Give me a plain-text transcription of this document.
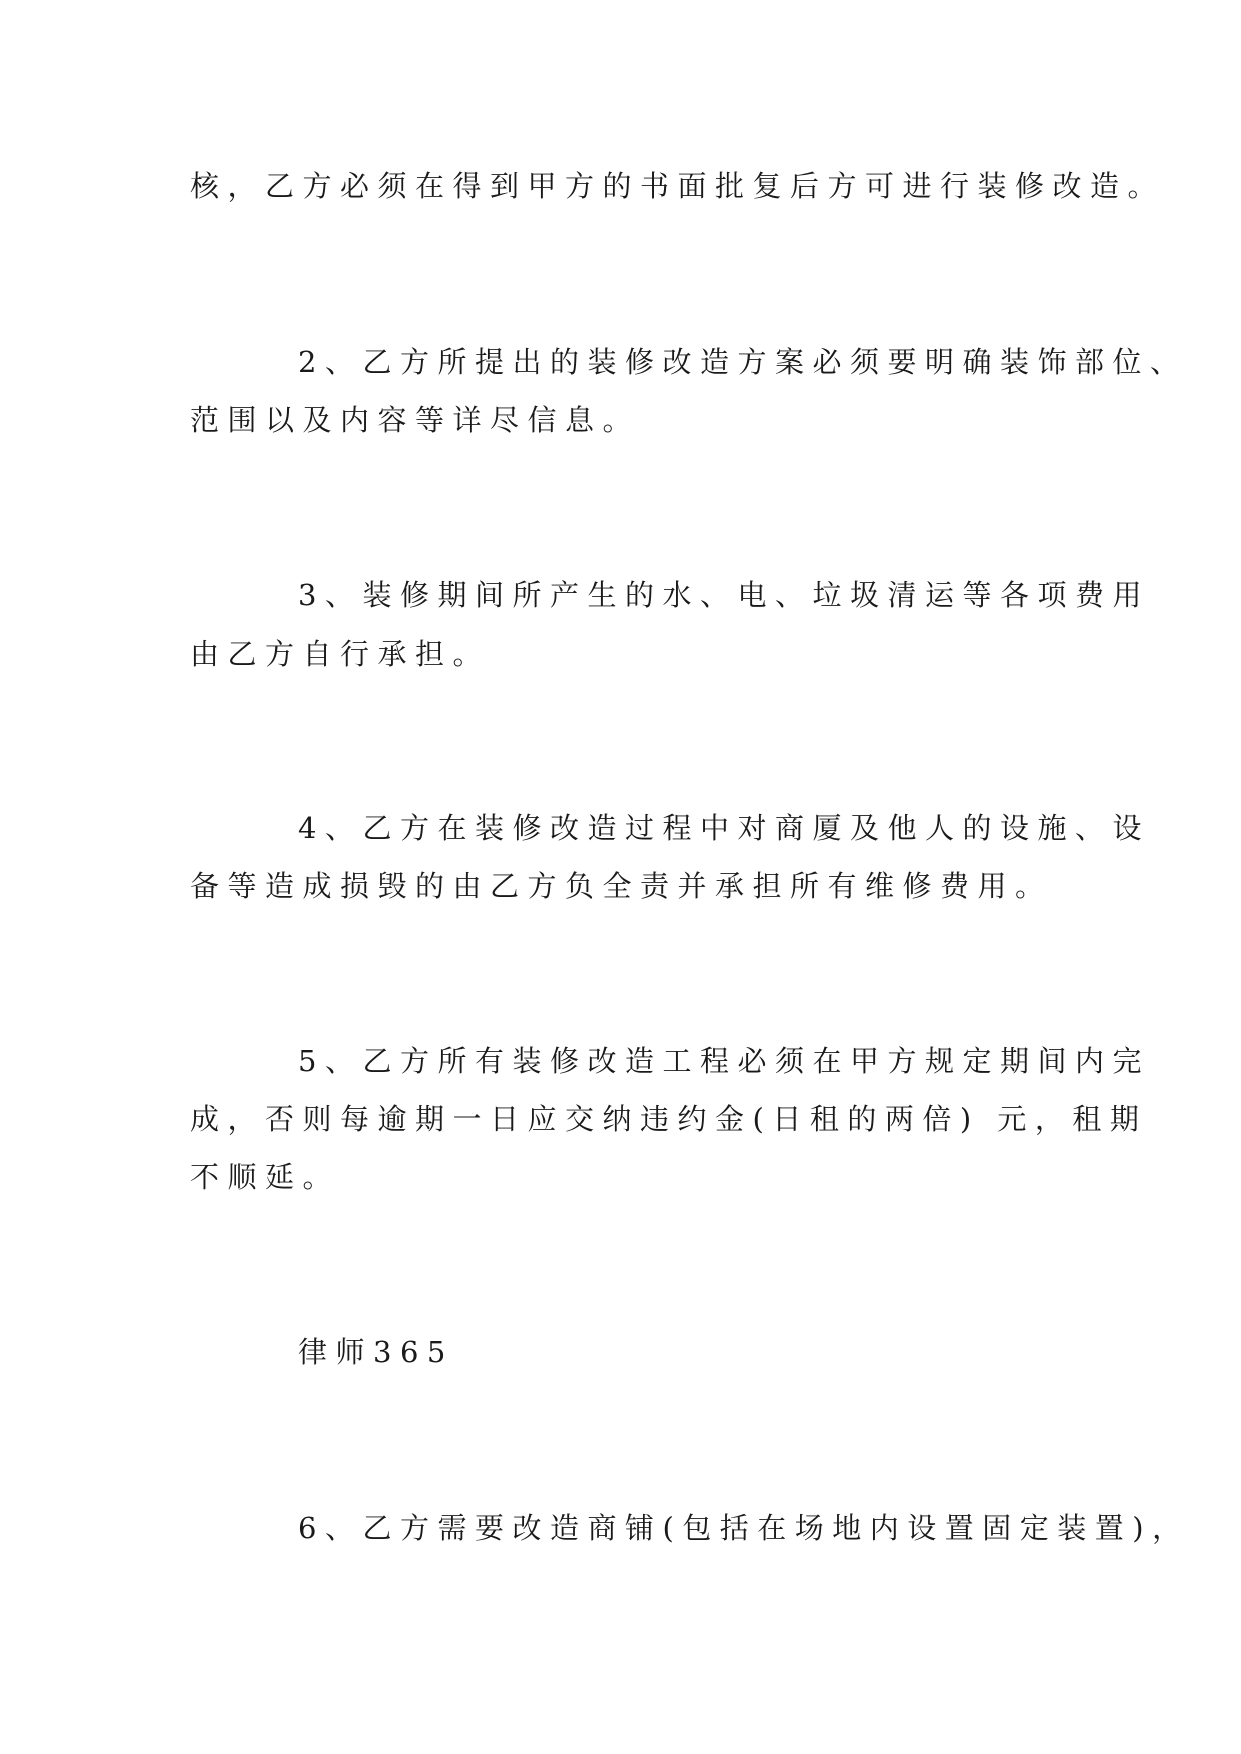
核，乙方必须在得到甲方的书面批复后方可进行装修改造。
2、乙方所提出的装修改造方案必须要明确装饰部位、
范围以及内容等详尽信息。
3、装修期间所产生的水、电、垃圾清运等各项费用
由乙方自行承担。
4、乙方在装修改造过程中对商厦及他人的设施、设
备等造成损毁的由乙方负全责并承担所有维修费用。
5、乙方所有装修改造工程必须在甲方规定期间内完
成，否则每逾期一日应交纳违约金(日租的两倍) 元，租期
不顺延。
律师365
6、乙方需要改造商铺(包括在场地内设置固定装置)，
